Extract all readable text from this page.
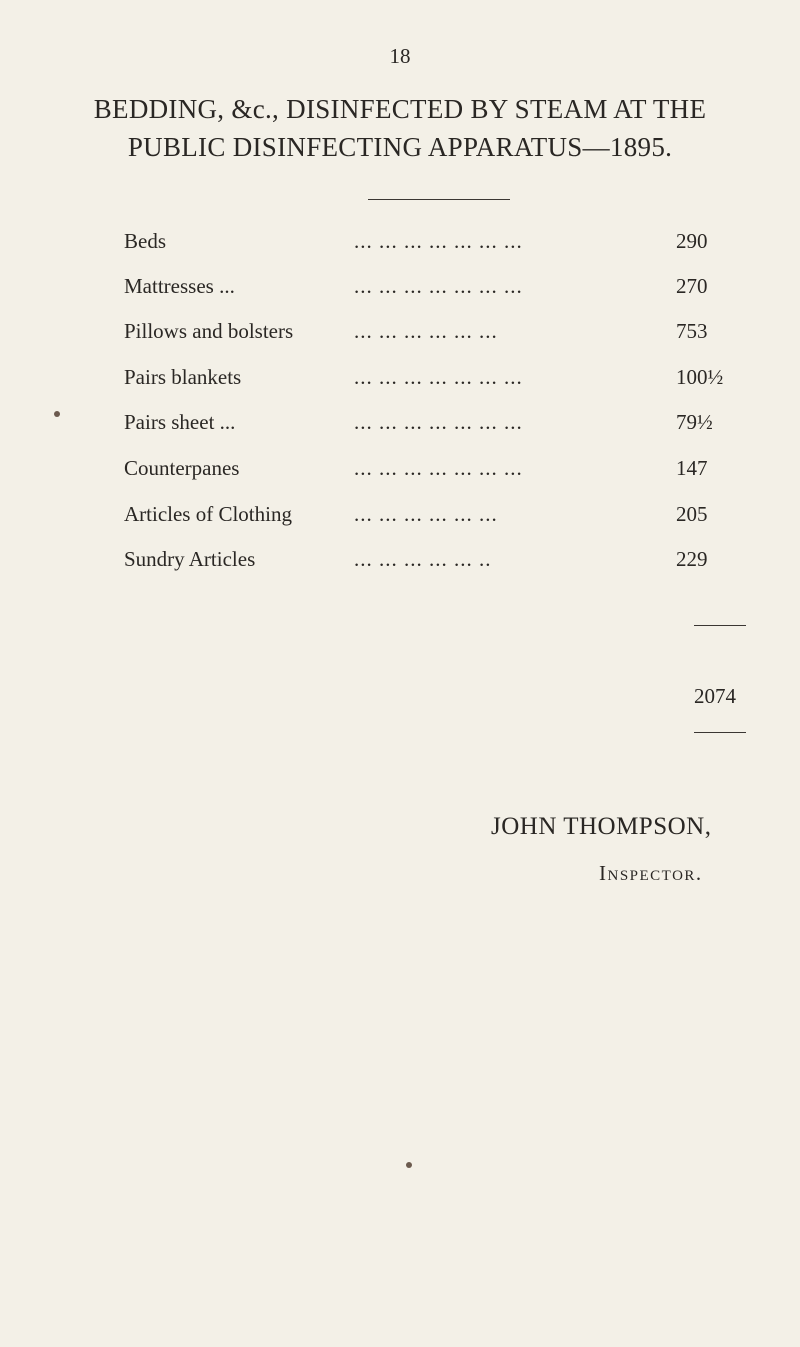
18
BEDDING, &c., DISINFECTED BY STEAM AT THE
PUBLIC DISINFECTING APPARATUS—1895.
Beds	... ... ... ... ... ... ...	290
Mattresses ...	... ... ... ... ... ... ...	270
Pillows and bolsters	... ... ... ... ... ...	753
Pairs blankets	... ... ... ... ... ... ...	100½
Pairs sheet ...	... ... ... ... ... ... ...	79½
Counterpanes	... ... ... ... ... ... ...	147
Articles of Clothing	... ... ... ... ... ...	205
Sundry Articles	... ... ... ... ... ..	229
2074
JOHN THOMPSON,
Inspector.
